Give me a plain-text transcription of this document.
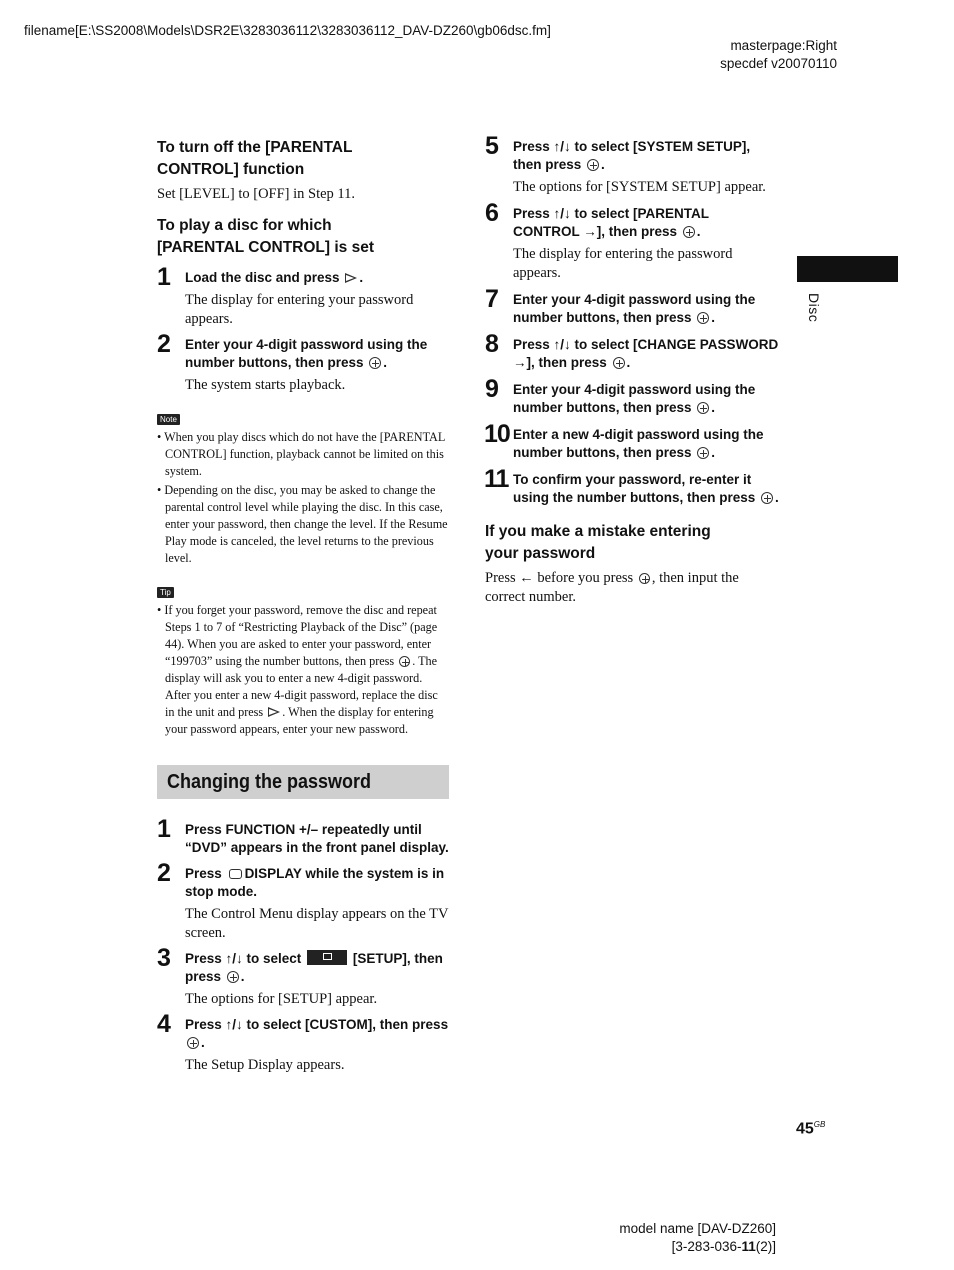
filename[E:\SS2008\Models\DSR2E\3283036112\3283036112_DAV-DZ260\gb06dsc.fm]
masterpage:Right
specdef v20070110
Disc

To turn off the [PARENTAL
CONTROL] function

Set [LEVEL] to [OFF] in Step 11.

To play a disc for which
[PARENTAL CONTROL] is set

1 Load the disc and press .

The display for entering your password appears.

2 Enter your 4-digit password using the number buttons, then press .

The system starts playback.

Note

• When you play discs which do not have the [PARENTAL CONTROL] function, playback cannot be limited on this system.

• Depending on the disc, you may be asked to change the parental control level while playing the disc. In this case, enter your password, then change the level. If the Resume Play mode is canceled, the level returns to the previous level.

Tip

• If you forget your password, remove the disc and repeat Steps 1 to 7 of “Restricting Playback of the Disc” (page 44). When you are asked to enter your password, enter “199703” using the number buttons, then press . The display will ask you to enter a new 4-digit password. After you enter a new 4-digit password, replace the disc in the unit and press . When the display for entering your password appears, enter your new password.

Changing the password
1 Press FUNCTION +/– repeatedly until “DVD” appears in the front panel display.

2 Press DISPLAY while the system is in stop mode.

The Control Menu display appears on the TV screen.

3 Press ↑/↓ to select	[SETUP], then press .

The options for [SETUP] appear.

4 Press ↑/↓ to select [CUSTOM], then press .

The Setup Display appears.

5 Press ↑/↓ to select [SYSTEM SETUP], then press .

The options for [SYSTEM SETUP] appear.

6 Press ↑/↓ to select [PARENTAL CONTROL →], then press .

The display for entering the password appears.

7 Enter your 4-digit password using the number buttons, then press .

8 Press ↑/↓ to select [CHANGE PASSWORD →], then press .

9 Enter your 4-digit password using the number buttons, then press .

10 Enter a new 4-digit password using the number buttons, then press .

11 To confirm your password, re-enter it using the number buttons, then press .

If you make a mistake entering
your password

Press ← before you press , then input the correct number.

$45^{GB}$
model name [DAV-DZ260]
[3-283-036-11(2)]
